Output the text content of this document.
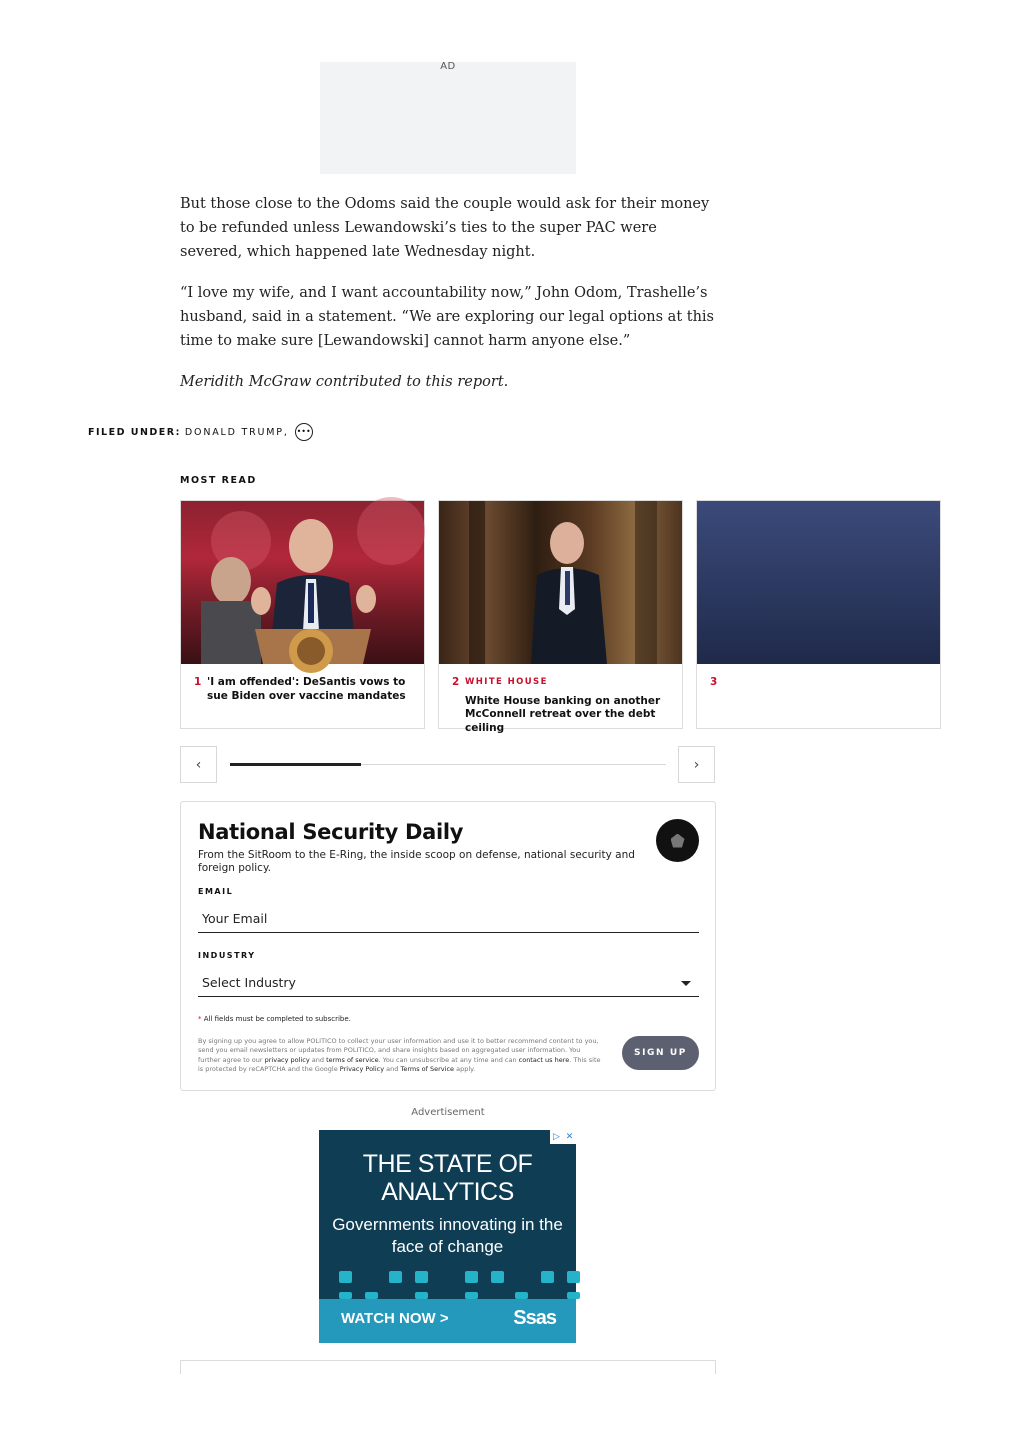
AD

But those close to the Odoms said the couple would ask for their money to be refunded unless Lewandowski’s ties to the super PAC were severed, which happened late Wednesday night.

“I love my wife, and I want accountability now,” John Odom, Trashelle’s husband, said in a statement. “We are exploring our legal options at this time to make sure [Lewandowski] cannot harm anyone else.”

Meridith McGraw contributed to this report.

FILED UNDER: DONALD TRUMP, •••
MOST READ
1 'I am offended': DeSantis vows to sue Biden over vaccine mandates
2 WHITE HOUSE
White House banking on another McConnell retreat over the debt ceiling
3
‹	›
National Security Daily
From the SitRoom to the E-Ring, the inside scoop on defense, national security and foreign policy.
EMAIL
Your Email
INDUSTRY
Select Industry
* All fields must be completed to subscribe.
By signing up you agree to allow POLITICO to collect your user information and use it to better recommend content to you, send you email newsletters or updates from POLITICO, and share insights based on aggregated user information. You further agree to our privacy policy and terms of service. You can unsubscribe at any time and can contact us here. This site is protected by reCAPTCHA and the Google Privacy Policy and Terms of Service apply.
SIGN UP
Advertisement
▷ ✕
THE STATE OF ANALYTICS
Governments innovating in the face of change
WATCH NOW >	Ssas
